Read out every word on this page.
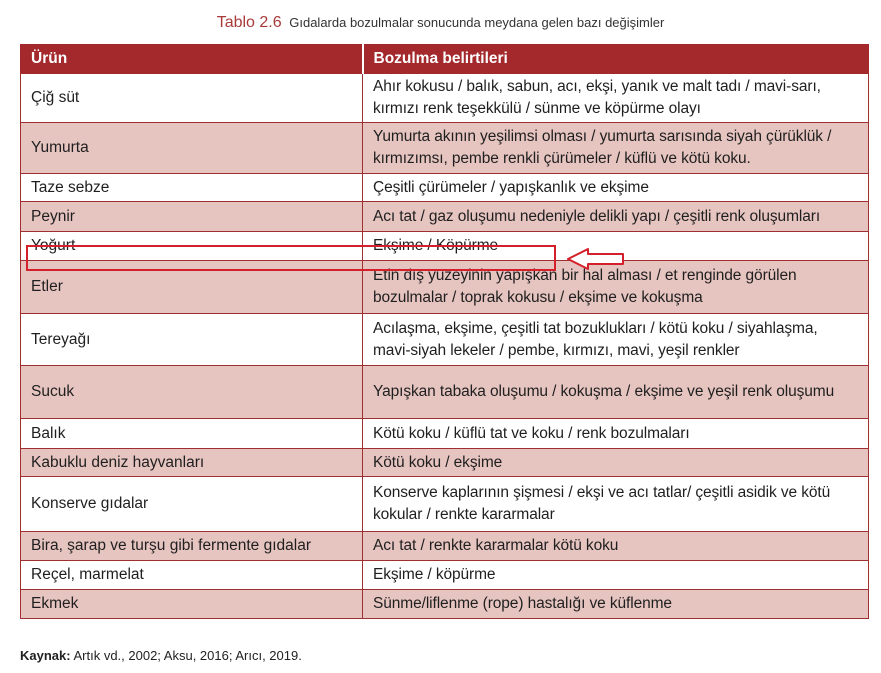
Tablo 2.6 Gıdalarda bozulmalar sonucunda meydana gelen bazı değişimler
Ürün	Bozulma belirtileri
Çiğ süt	Ahır kokusu / balık, sabun, acı, ekşi, yanık ve malt tadı / mavi-sarı, kırmızı renk teşekkülü / sünme ve köpürme olayı
Yumurta	Yumurta akının yeşilimsi olması / yumurta sarısında siyah çürüklük / kırmızımsı, pembe renkli çürümeler / küflü ve kötü koku.
Taze sebze	Çeşitli çürümeler / yapışkanlık ve ekşime
Peynir	Acı tat / gaz oluşumu nedeniyle delikli yapı / çeşitli renk oluşumları
Yoğurt	Ekşime / Köpürme
Etler	Etin dış yüzeyinin yapışkan bir hal alması / et renginde görülen bozulmalar / toprak kokusu / ekşime ve kokuşma
Tereyağı	Acılaşma, ekşime, çeşitli tat bozuklukları / kötü koku / siyahlaşma, mavi-siyah lekeler / pembe, kırmızı, mavi, yeşil renkler
Sucuk	Yapışkan tabaka oluşumu / kokuşma / ekşime ve yeşil renk oluşumu
Balık	Kötü koku / küflü tat ve koku / renk bozulmaları
Kabuklu deniz hayvanları	Kötü koku / ekşime
Konserve gıdalar	Konserve kaplarının şişmesi / ekşi ve acı tatlar/ çeşitli asidik ve kötü kokular / renkte kararmalar
Bira, şarap ve turşu gibi fermente gıdalar	Acı tat / renkte kararmalar kötü koku
Reçel, marmelat	Ekşime / köpürme
Ekmek	Sünme/liflenme (rope) hastalığı ve küflenme
Kaynak: Artık vd., 2002; Aksu, 2016; Arıcı, 2019.
